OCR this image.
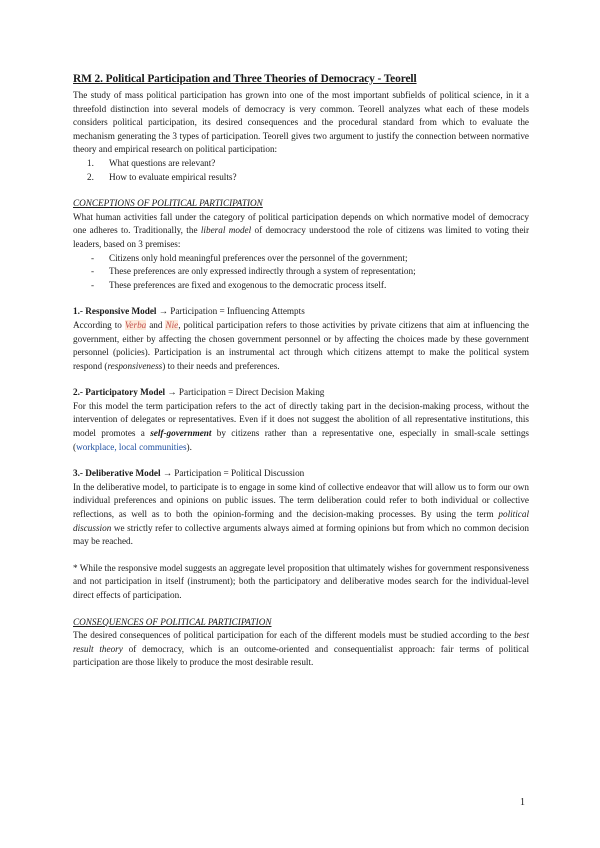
RM 2. Political Participation and Three Theories of Democracy - Teorell

The study of mass political participation has grown into one of the most important subfields of political science, in it a threefold distinction into several models of democracy is very common. Teorell analyzes what each of these models considers political participation, its desired consequences and the procedural standard from which to evaluate the mechanism generating the 3 types of participation. Teorell gives two argument to justify the connection between normative theory and empirical research on political participation:

1. What questions are relevant?
2. How to evaluate empirical results?
CONCEPTIONS OF POLITICAL PARTICIPATION

What human activities fall under the category of political participation depends on which normative model of democracy one adheres to. Traditionally, the liberal model of democracy understood the role of citizens was limited to voting their leaders, based on 3 premises:

- Citizens only hold meaningful preferences over the personnel of the government;
- These preferences are only expressed indirectly through a system of representation;
- These preferences are fixed and exogenous to the democratic process itself.
1.- Responsive Model → Participation = Influencing Attempts

According to Verba and Nie, political participation refers to those activities by private citizens that aim at influencing the government, either by affecting the chosen government personnel or by affecting the choices made by these government personnel (policies). Participation is an instrumental act through which citizens attempt to make the political system respond (responsiveness) to their needs and preferences.

2.- Participatory Model → Participation = Direct Decision Making

For this model the term participation refers to the act of directly taking part in the decision-making process, without the intervention of delegates or representatives. Even if it does not suggest the abolition of all representative institutions, this model promotes a self-government by citizens rather than a representative one, especially in small-scale settings (workplace, local communities).

3.- Deliberative Model → Participation = Political Discussion

In the deliberative model, to participate is to engage in some kind of collective endeavor that will allow us to form our own individual preferences and opinions on public issues. The term deliberation could refer to both individual or collective reflections, as well as to both the opinion-forming and the decision-making processes. By using the term political discussion we strictly refer to collective arguments always aimed at forming opinions but from which no common decision may be reached.

* While the responsive model suggests an aggregate level proposition that ultimately wishes for government responsiveness and not participation in itself (instrument); both the participatory and deliberative modes search for the individual-level direct effects of participation.

CONSEQUENCES OF POLITICAL PARTICIPATION

The desired consequences of political participation for each of the different models must be studied according to the best result theory of democracy, which is an outcome-oriented and consequentialist approach: fair terms of political participation are those likely to produce the most desirable result.

1
